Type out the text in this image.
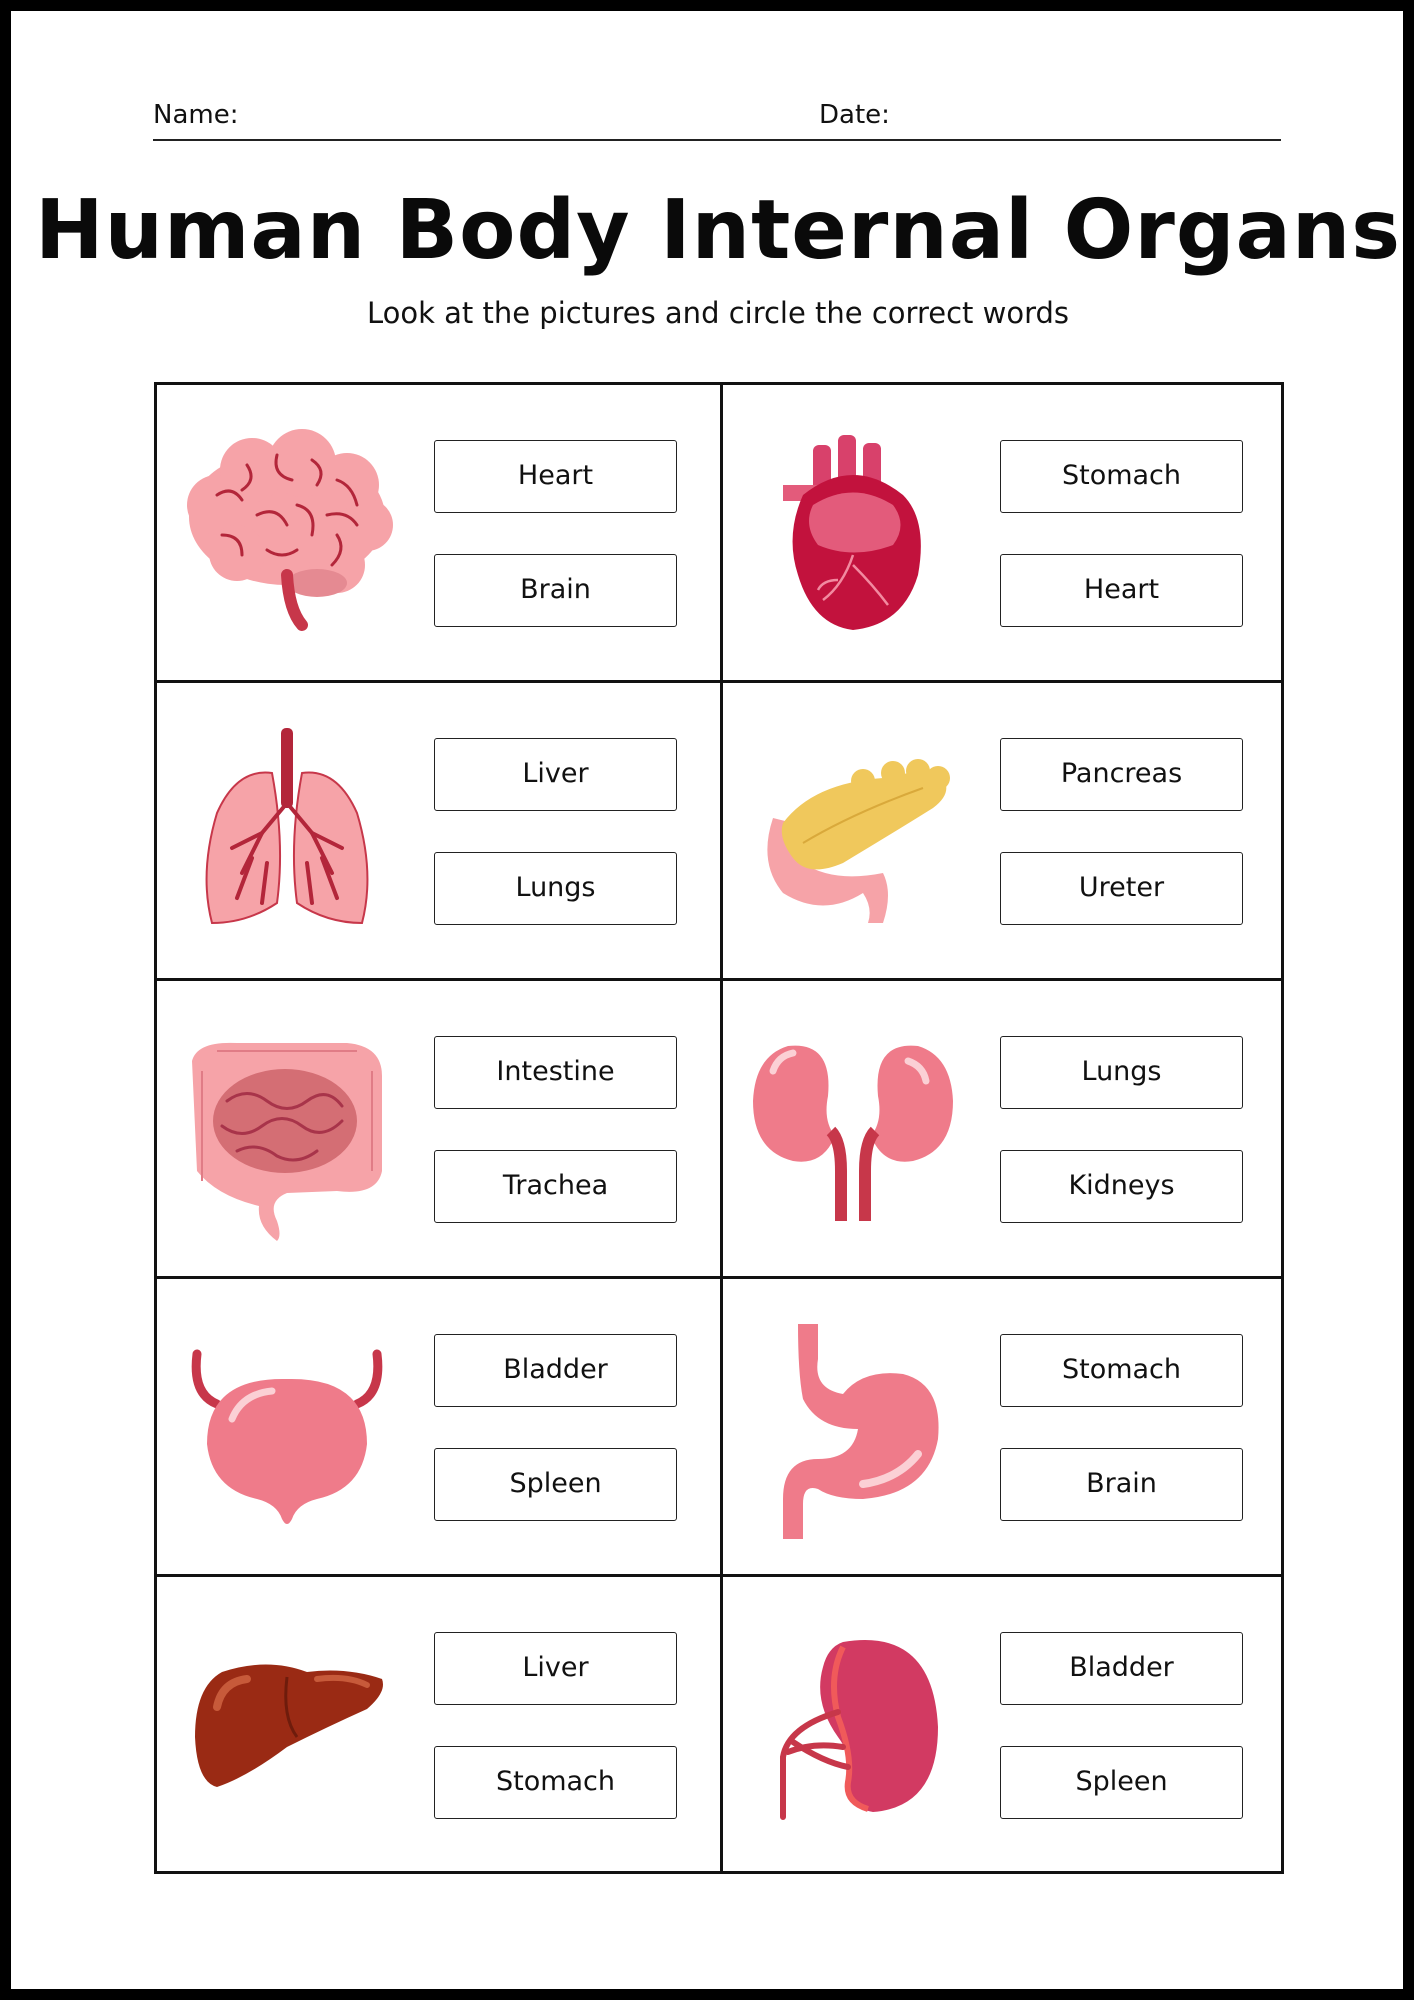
Name:	Date:
Human Body Internal Organs
Look at the pictures and circle the correct words
Heart
Brain
Stomach
Heart
Liver
Lungs
Pancreas
Ureter
Intestine
Trachea
Lungs
Kidneys
Bladder
Spleen
Stomach
Brain
Liver
Stomach
Bladder
Spleen
